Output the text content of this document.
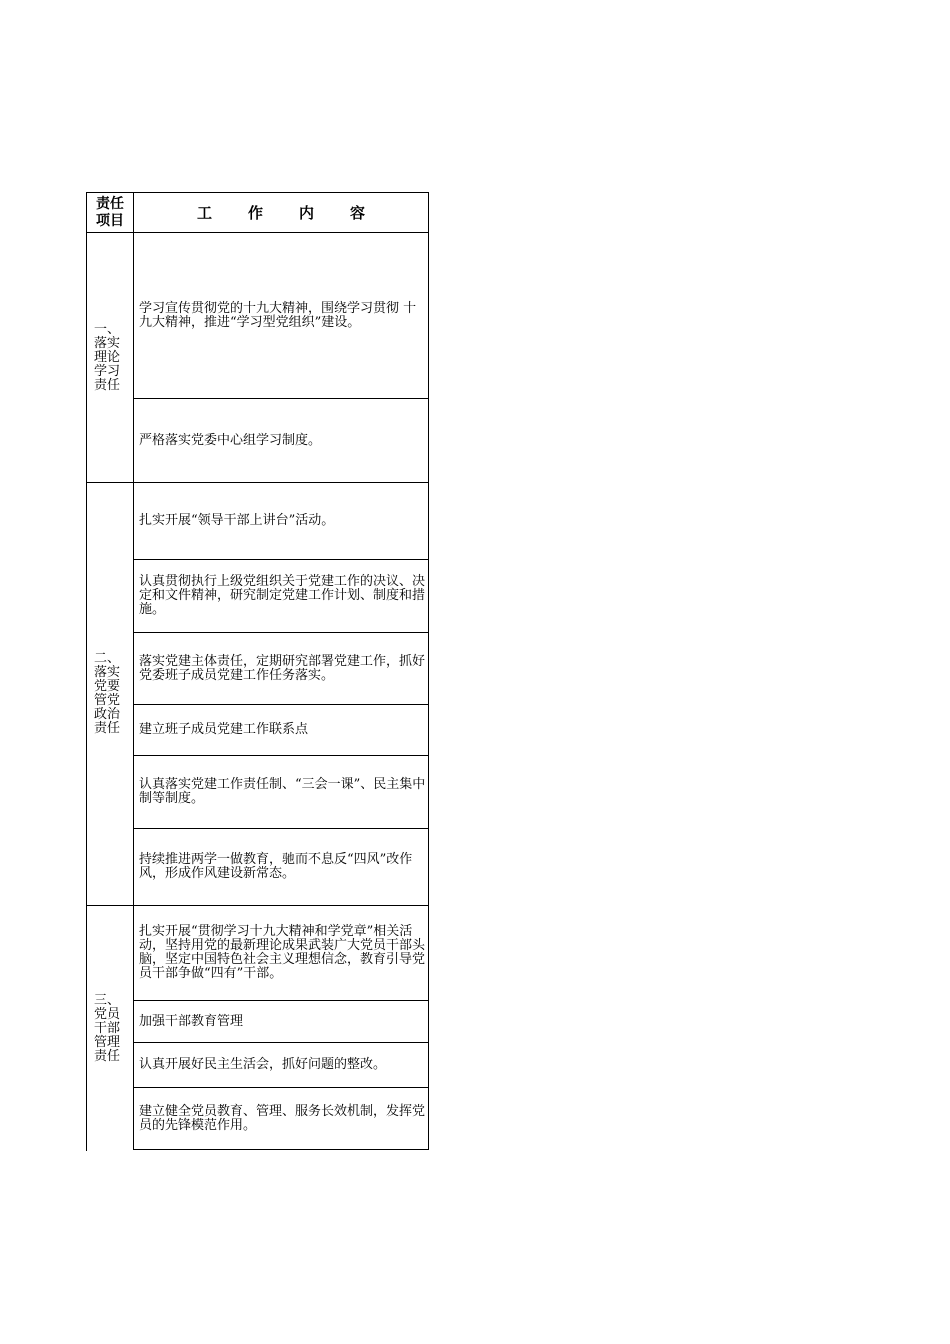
责任项目	工作内容
一、落实理论学习责任
学习宣传贯彻党的十九大精神，围绕学习贯彻 十九大精神，推进“学习型党组织”建设。
严格落实党委中心组学习制度。
二、落实党要管党政治责任
扎实开展“领导干部上讲台”活动。
认真贯彻执行上级党组织关于党建工作的决议、决定和文件精神，研究制定党建工作计划、制度和措施。
落实党建主体责任，定期研究部署党建工作，抓好党委班子成员党建工作任务落实。
建立班子成员党建工作联系点
认真落实党建工作责任制、“三会一课”、民主集中制等制度。
持续推进两学一做教育，驰而不息反“四风”改作风，形成作风建设新常态。
三、党员干部管理责任
扎实开展“贯彻学习十九大精神和学党章”相关活动，坚持用党的最新理论成果武装广大党员干部头脑，坚定中国特色社会主义理想信念，教育引导党员干部争做“四有”干部。
加强干部教育管理
认真开展好民主生活会，抓好问题的整改。
建立健全党员教育、管理、服务长效机制，发挥党员的先锋模范作用。
